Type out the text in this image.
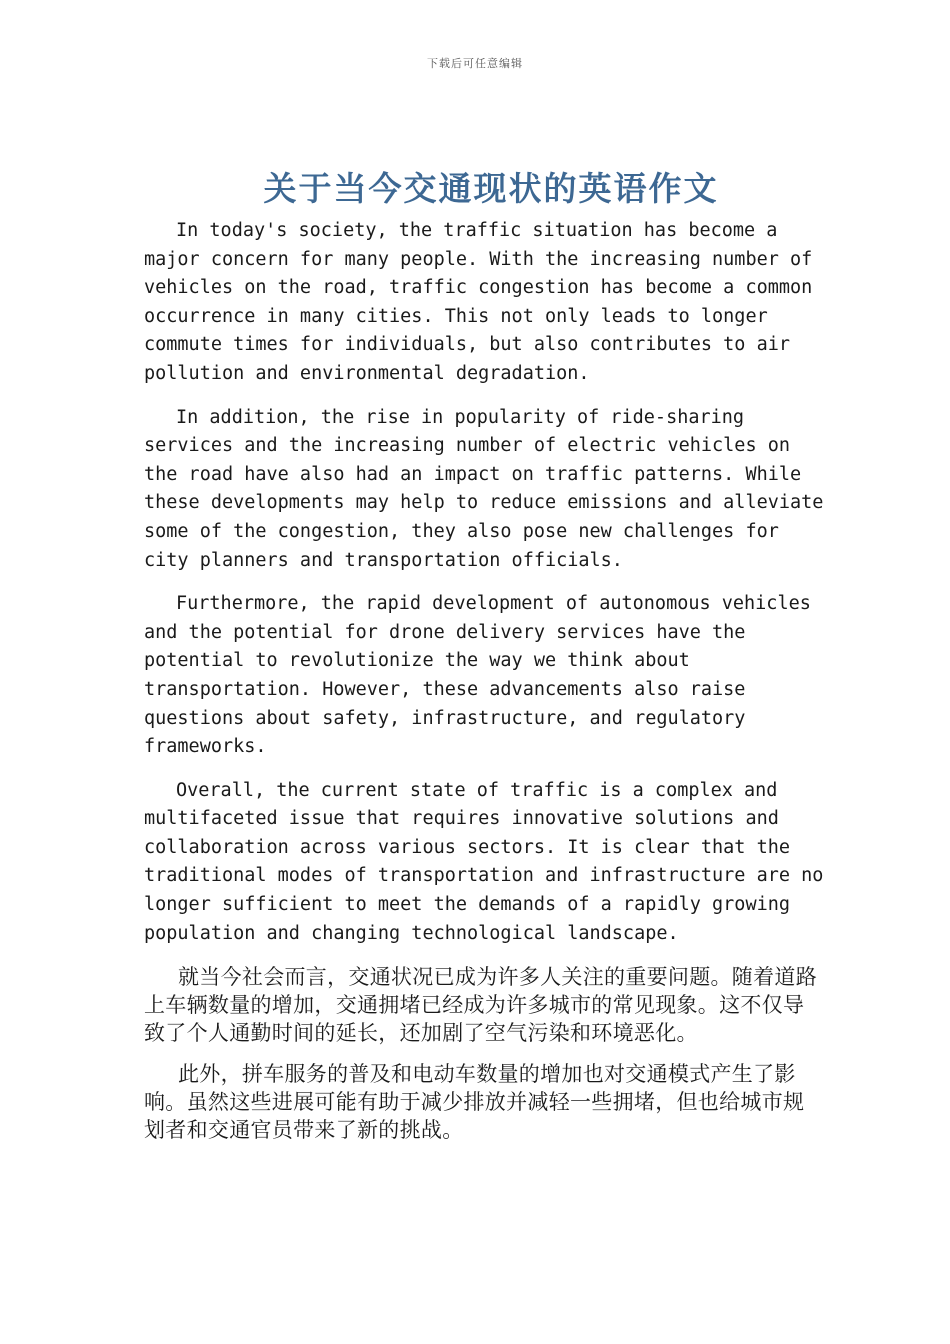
下载后可任意编辑
关于当今交通现状的英语作文

In today's society, the traffic situation has become a major concern for many people. With the increasing number of vehicles on the road, traffic congestion has become a common occurrence in many cities. This not only leads to longer commute times for individuals, but also contributes to air pollution and environmental degradation.

In addition, the rise in popularity of ride-sharing services and the increasing number of electric vehicles on the road have also had an impact on traffic patterns. While these developments may help to reduce emissions and alleviate some of the congestion, they also pose new challenges for city planners and transportation officials.

Furthermore, the rapid development of autonomous vehicles and the potential for drone delivery services have the potential to revolutionize the way we think about transportation. However, these advancements also raise questions about safety, infrastructure, and regulatory frameworks.

Overall, the current state of traffic is a complex and multifaceted issue that requires innovative solutions and collaboration across various sectors. It is clear that the traditional modes of transportation and infrastructure are no longer sufficient to meet the demands of a rapidly growing population and changing technological landscape.

就当今社会而言，交通状况已成为许多人关注的重要问题。随着道路上车辆数量的增加，交通拥堵已经成为许多城市的常见现象。这不仅导致了个人通勤时间的延长，还加剧了空气污染和环境恶化。

此外，拼车服务的普及和电动车数量的增加也对交通模式产生了影响。虽然这些进展可能有助于减少排放并减轻一些拥堵，但也给城市规划者和交通官员带来了新的挑战。
